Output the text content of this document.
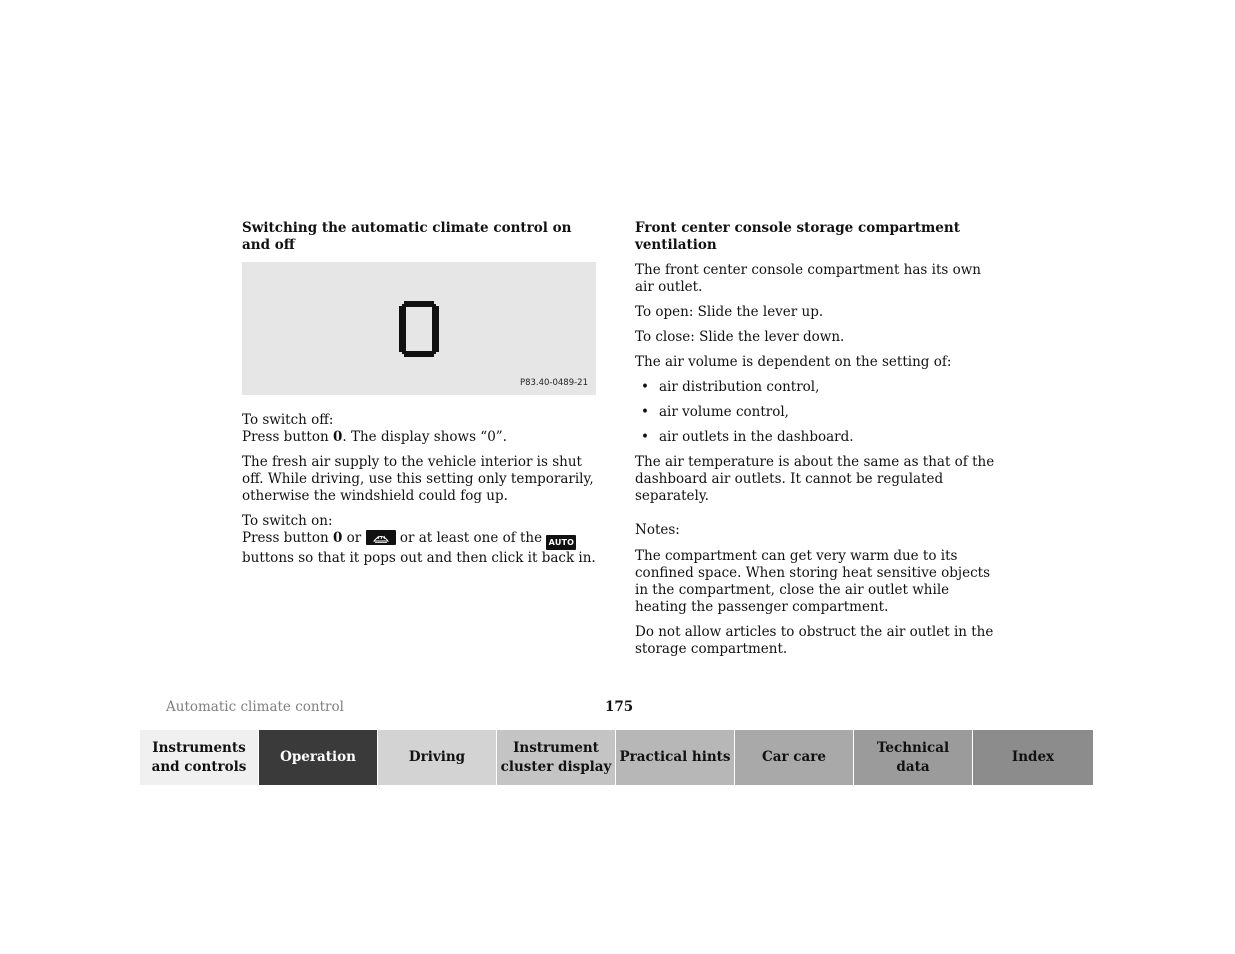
Switching the automatic climate control on and off
P83.40-0489-21
To switch off:
Press button 0. The display shows “0”.
The fresh air supply to the vehicle interior is shut off. While driving, use this setting only temporarily, otherwise the windshield could fog up.
To switch on:
Press button 0 or  or at least one of the AUTO
buttons so that it pops out and then click it back in.
Front center console storage compartment ventilation
The front center console compartment has its own air outlet.
To open: Slide the lever up.
To close: Slide the lever down.
The air volume is dependent on the setting of:
• air distribution control,
• air volume control,
• air outlets in the dashboard.
The air temperature is about the same as that of the dashboard air outlets. It cannot be regulated separately.
Notes:
The compartment can get very warm due to its confined space. When storing heat sensitive objects in the compartment, close the air outlet while heating the passenger compartment.
Do not allow articles to obstruct the air outlet in the storage compartment.
Automatic climate control	175
Instruments
and controls
Operation	Driving
Instrument
cluster display
Practical hints Car care
Technical
data
Index
